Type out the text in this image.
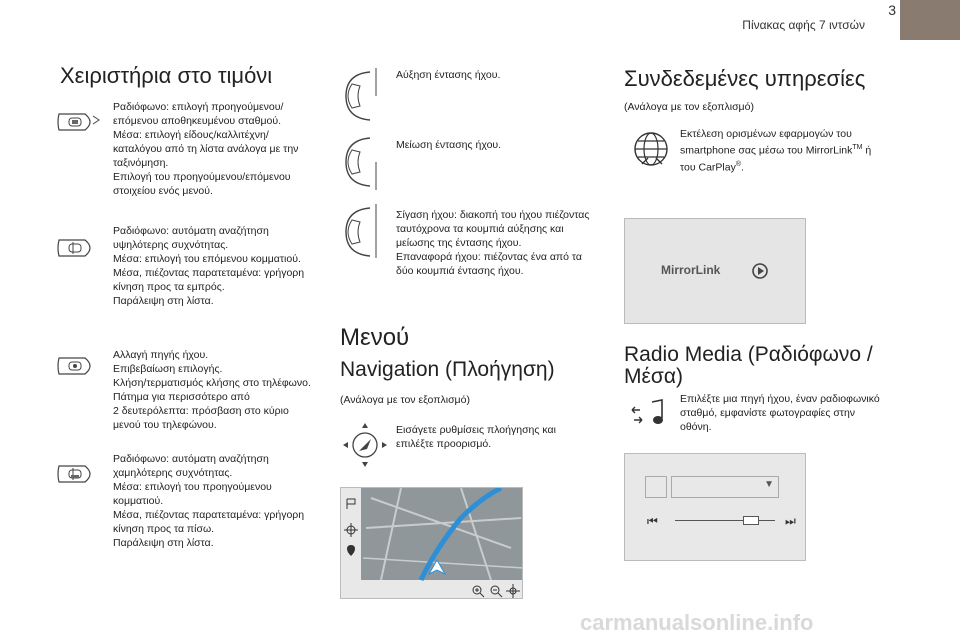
Πίνακας αφής 7 ιντσών
3
Χειριστήρια στο τιμόνι
Ραδιόφωνο: επιλογή προηγούμενου/
επόμενου αποθηκευμένου σταθμού.
Μέσα: επιλογή είδους/καλλιτέχνη/
καταλόγου από τη λίστα ανάλογα με την
ταξινόμηση.
Επιλογή του προηγούμενου/επόμενου
στοιχείου ενός μενού.
Ραδιόφωνο: αυτόματη αναζήτηση
υψηλότερης συχνότητας.
Μέσα: επιλογή του επόμενου κομματιού.
Μέσα, πιέζοντας παρατεταμένα: γρήγορη
κίνηση προς τα εμπρός.
Παράλειψη στη λίστα.
Αλλαγή πηγής ήχου.
Επιβεβαίωση επιλογής.
Κλήση/τερματισμός κλήσης στο τηλέφωνο.
Πάτημα για περισσότερο από
2 δευτερόλεπτα: πρόσβαση στο κύριο
μενού του τηλεφώνου.
Ραδιόφωνο: αυτόματη αναζήτηση
χαμηλότερης συχνότητας.
Μέσα: επιλογή του προηγούμενου
κομματιού.
Μέσα, πιέζοντας παρατεταμένα: γρήγορη
κίνηση προς τα πίσω.
Παράλειψη στη λίστα.
Αύξηση έντασης ήχου.
Μείωση έντασης ήχου.
Σίγαση ήχου: διακοπή του ήχου πιέζοντας
ταυτόχρονα τα κουμπιά αύξησης και
μείωσης της έντασης ήχου.
Επαναφορά ήχου: πιέζοντας ένα από τα
δύο κουμπιά έντασης ήχου.
Μενού
Navigation (Πλοήγηση)
(Ανάλογα με τον εξοπλισμό)
Εισάγετε ρυθμίσεις πλοήγησης και
επιλέξτε προορισμό.
Συνδεδεμένες υπηρεσίες
(Ανάλογα με τον εξοπλισμό)
Εκτέλεση ορισμένων εφαρμογών του
smartphone σας μέσω του MirrorLink™ ή
του CarPlay®.
MirrorLink
Radio Media (Ραδιόφωνο /
Μέσα)
Επιλέξτε μια πηγή ήχου, έναν ραδιοφωνικό
σταθμό, εμφανίστε φωτογραφίες στην
οθόνη.
▼
⏮	⏭
carmanualsonline.info
